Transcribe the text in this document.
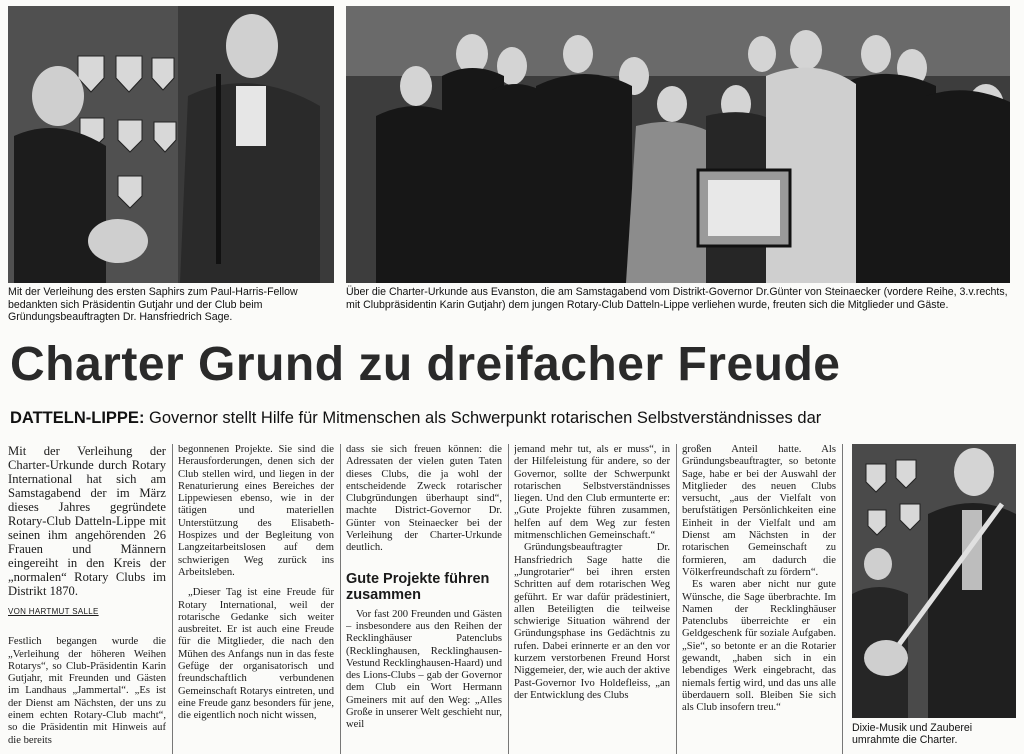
Mit der Verleihung des ersten Saphirs zum Paul-Harris-Fellow bedankten sich Präsidentin Gutjahr und der Club beim Gründungsbeauftragten Dr. Hansfriedrich Sage.
Über die Charter-Urkunde aus Evanston, die am Samstagabend vom Distrikt-Governor Dr.Günter von Steinaecker (vordere Reihe, 3.v.rechts, mit Clubpräsidentin Karin Gutjahr) dem jungen Rotary-Club Datteln-Lippe verliehen wurde, freuten sich die Mitglieder und Gäste.
Charter Grund zu dreifacher Freude
DATTELN-LIPPE: Governor stellt Hilfe für Mitmenschen als Schwerpunkt rotarischen Selbstverständnisses dar

Mit der Verleihung der Charter-Urkunde durch Rotary International hat sich am Samstagabend der im März dieses Jahres gegründete Rotary-Club Datteln-Lippe mit seinen ihm angehörenden 26 Frauen und Männern eingereiht in den Kreis der „normalen“ Rotary Clubs im Distrikt 1870.

VON HARTMUT SALLE

Festlich begangen wurde die „Verleihung der höheren Weihen Rotarys“, so Club-Präsidentin Karin Gutjahr, mit Freunden und Gästen im Landhaus „Jammertal“. „Es ist der Dienst am Nächsten, der uns zu einem echten Rotary-Club macht“, so die Präsidentin mit Hinweis auf die bereits

begonnenen Projekte. Sie sind die Herausforderungen, denen sich der Club stellen wird, und liegen in der Renaturierung eines Bereiches der Lippewiesen ebenso, wie in der tätigen und materiellen Unterstützung des Elisabeth-Hospizes und der Begleitung von Langzeitarbeitslosen auf dem schwierigen Weg zurück ins Arbeitsleben.

„Dieser Tag ist eine Freude für Rotary International, weil der rotarische Gedanke sich weiter ausbreitet. Er ist auch eine Freude für die Mitglieder, die nach den Mühen des Anfangs nun in das feste Gefüge der organisatorisch und freundschaftlich verbundenen Gemeinschaft Rotarys eintreten, und eine Freude ganz besonders für jene, die eigentlich noch nicht wissen,

dass sie sich freuen können: die Adressaten der vielen guten Taten dieses Clubs, die ja wohl der entscheidende Zweck rotarischer Clubgründungen überhaupt sind“, machte District-Governor Dr. Günter von Steinaecker bei der Verleihung der Charter-Urkunde deutlich.

Gute Projekte führen zusammen

Vor fast 200 Freunden und Gästen – insbesondere aus den Reihen der Recklinghäuser Patenclubs (Recklinghausen, Recklinghausen-Vestund Recklinghausen-Haard) und des Lions-Clubs – gab der Governor dem Club ein Wort Hermann Gmeiners mit auf den Weg: „Alles Große in unserer Welt geschieht nur, weil

jemand mehr tut, als er muss“, in der Hilfeleistung für andere, so der Governor, sollte der Schwerpunkt rotarischen Selbstverständnisses liegen. Und den Club ermunterte er: „Gute Projekte führen zusammen, helfen auf dem Weg zur festen mitmenschlichen Gemeinschaft.“

Gründungsbeauftragter Dr. Hansfriedrich Sage hatte die „Jungrotarier“ bei ihren ersten Schritten auf dem rotarischen Weg geführt. Er war dafür prädestiniert, allen Beteiligten die teilweise schwierige Situation während der Gründungsphase ins Gedächtnis zu rufen. Dabei erinnerte er an den vor kurzem verstorbenen Freund Horst Niggemeier, der, wie auch der aktive Past-Governor Ivo Holdefleiss, „an der Entwicklung des Clubs

großen Anteil hatte. Als Gründungsbeauftragter, so betonte Sage, habe er bei der Auswahl der Mitglieder des neuen Clubs versucht, „aus der Vielfalt von berufstätigen Persönlichkeiten eine Einheit in der Vielfalt und am Dienst am Nächsten in der rotarischen Gemeinschaft zu formieren, am dadurch die Völkerfreundschaft zu fördern“.

Es waren aber nicht nur gute Wünsche, die Sage überbrachte. Im Namen der Recklinghäuser Patenclubs überreichte er ein Geldgeschenk für soziale Aufgaben. „Sie“, so betonte er an die Rotarier gewandt, „haben sich in ein lebendiges Werk eingebracht, das niemals fertig wird, und das uns alle überdauern soll. Bleiben Sie sich als Club insofern treu.“

Dixie-Musik und Zauberei umrahmte die Charter.
